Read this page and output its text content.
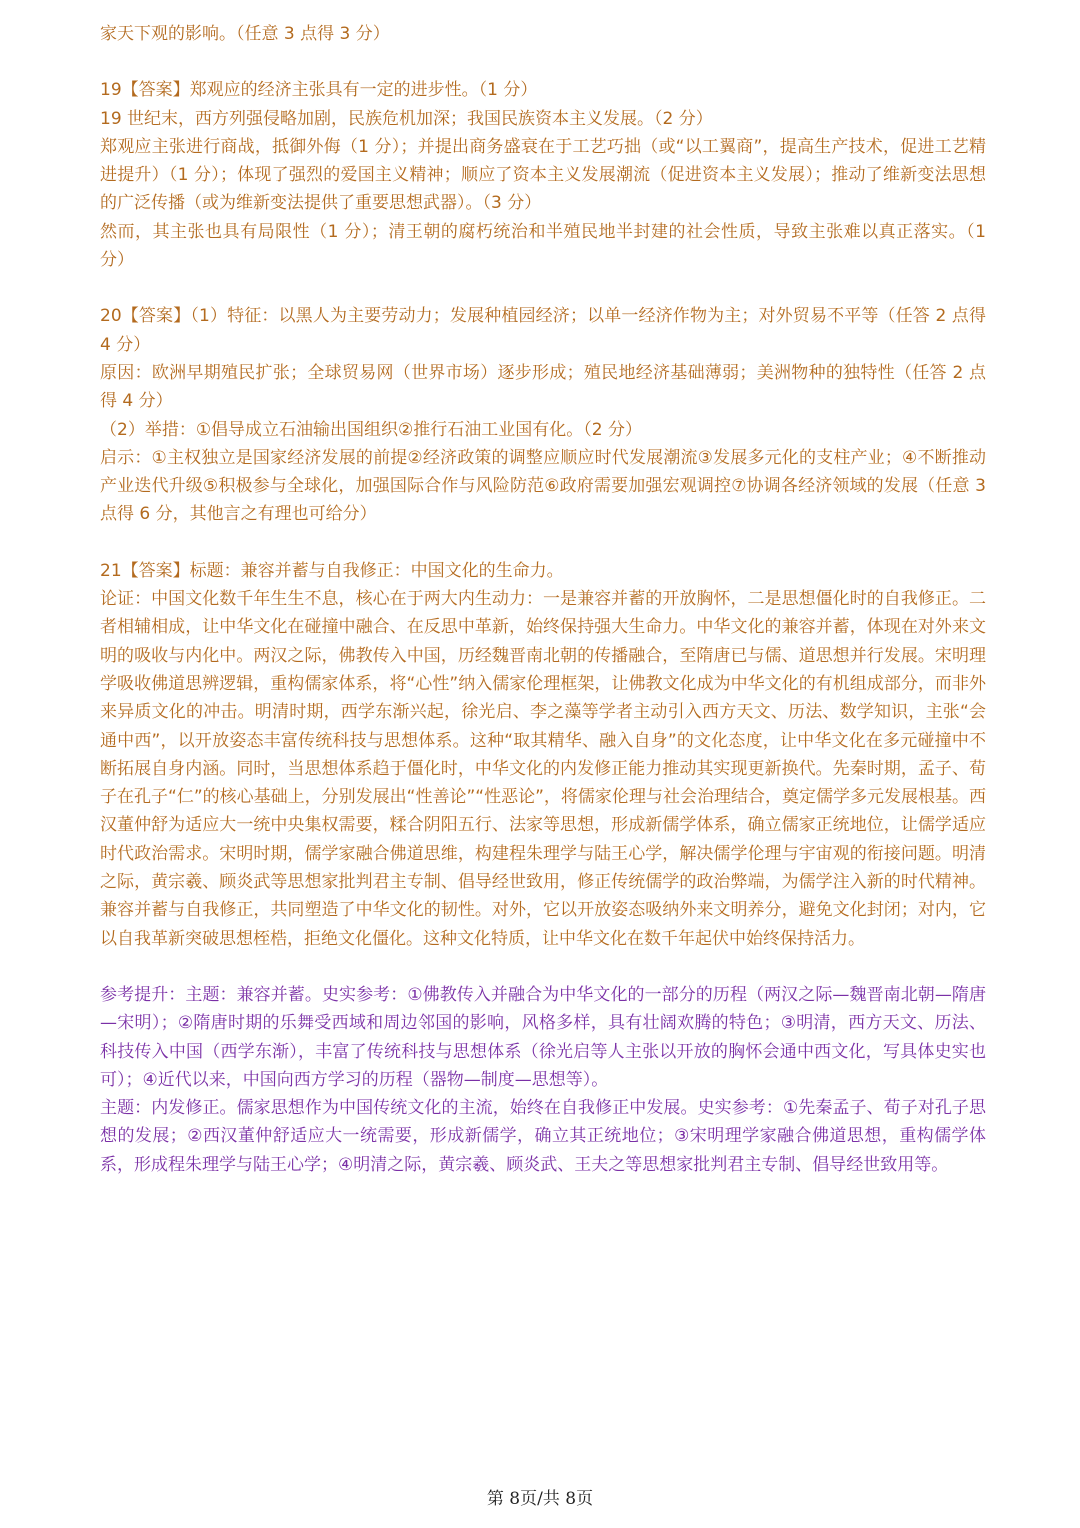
家天下观的影响。（任意 3 点得 3 分）

19【答案】郑观应的经济主张具有一定的进步性。（1 分）

19 世纪末，西方列强侵略加剧，民族危机加深；我国民族资本主义发展。（2 分）

郑观应主张进行商战，抵御外侮（1 分）；并提出商务盛衰在于工艺巧拙（或“以工翼商”，提高生产技术，促进工艺精进提升）（1 分）；体现了强烈的爱国主义精神；顺应了资本主义发展潮流（促进资本主义发展）；推动了维新变法思想的广泛传播（或为维新变法提供了重要思想武器）。（3 分）

然而，其主张也具有局限性（1 分）；清王朝的腐朽统治和半殖民地半封建的社会性质，导致主张难以真正落实。（1 分）

20【答案】（1）特征：以黑人为主要劳动力；发展种植园经济；以单一经济作物为主；对外贸易不平等（任答 2 点得 4 分）

原因：欧洲早期殖民扩张；全球贸易网（世界市场）逐步形成；殖民地经济基础薄弱；美洲物种的独特性（任答 2 点得 4 分）

（2）举措：①倡导成立石油输出国组织②推行石油工业国有化。（2 分）

启示：①主权独立是国家经济发展的前提②经济政策的调整应顺应时代发展潮流③发展多元化的支柱产业；④不断推动产业迭代升级⑤积极参与全球化，加强国际合作与风险防范⑥政府需要加强宏观调控⑦协调各经济领域的发展（任意 3 点得 6 分，其他言之有理也可给分）

21【答案】标题：兼容并蓄与自我修正：中国文化的生命力。

论证：中国文化数千年生生不息，核心在于两大内生动力：一是兼容并蓄的开放胸怀，二是思想僵化时的自我修正。二者相辅相成，让中华文化在碰撞中融合、在反思中革新，始终保持强大生命力。中华文化的兼容并蓄，体现在对外来文明的吸收与内化中。两汉之际，佛教传入中国，历经魏晋南北朝的传播融合，至隋唐已与儒、道思想并行发展。宋明理学吸收佛道思辨逻辑，重构儒家体系，将“心性”纳入儒家伦理框架，让佛教文化成为中华文化的有机组成部分，而非外来异质文化的冲击。明清时期，西学东渐兴起，徐光启、李之藻等学者主动引入西方天文、历法、数学知识，主张“会通中西”，以开放姿态丰富传统科技与思想体系。这种“取其精华、融入自身”的文化态度，让中华文化在多元碰撞中不断拓展自身内涵。同时，当思想体系趋于僵化时，中华文化的内发修正能力推动其实现更新换代。先秦时期，孟子、荀子在孔子“仁”的核心基础上，分别发展出“性善论”“性恶论”，将儒家伦理与社会治理结合，奠定儒学多元发展根基。西汉董仲舒为适应大一统中央集权需要，糅合阴阳五行、法家等思想，形成新儒学体系，确立儒家正统地位，让儒学适应时代政治需求。宋明时期，儒学家融合佛道思维，构建程朱理学与陆王心学，解决儒学伦理与宇宙观的衔接问题。明清之际，黄宗羲、顾炎武等思想家批判君主专制、倡导经世致用，修正传统儒学的政治弊端，为儒学注入新的时代精神。兼容并蓄与自我修正，共同塑造了中华文化的韧性。对外，它以开放姿态吸纳外来文明养分，避免文化封闭；对内，它以自我革新突破思想桎梏，拒绝文化僵化。这种文化特质，让中华文化在数千年起伏中始终保持活力。

参考提升：主题：兼容并蓄。史实参考：①佛教传入并融合为中华文化的一部分的历程（两汉之际—魏晋南北朝—隋唐—宋明）；②隋唐时期的乐舞受西域和周边邻国的影响，风格多样，具有壮阔欢腾的特色；③明清，西方天文、历法、科技传入中国（西学东渐），丰富了传统科技与思想体系（徐光启等人主张以开放的胸怀会通中西文化，写具体史实也可）；④近代以来，中国向西方学习的历程（器物—制度—思想等）。

主题：内发修正。儒家思想作为中国传统文化的主流，始终在自我修正中发展。史实参考：①先秦孟子、荀子对孔子思想的发展；②西汉董仲舒适应大一统需要，形成新儒学，确立其正统地位；③宋明理学家融合佛道思想，重构儒学体系，形成程朱理学与陆王心学；④明清之际，黄宗羲、顾炎武、王夫之等思想家批判君主专制、倡导经世致用等。

第 8页/共 8页
